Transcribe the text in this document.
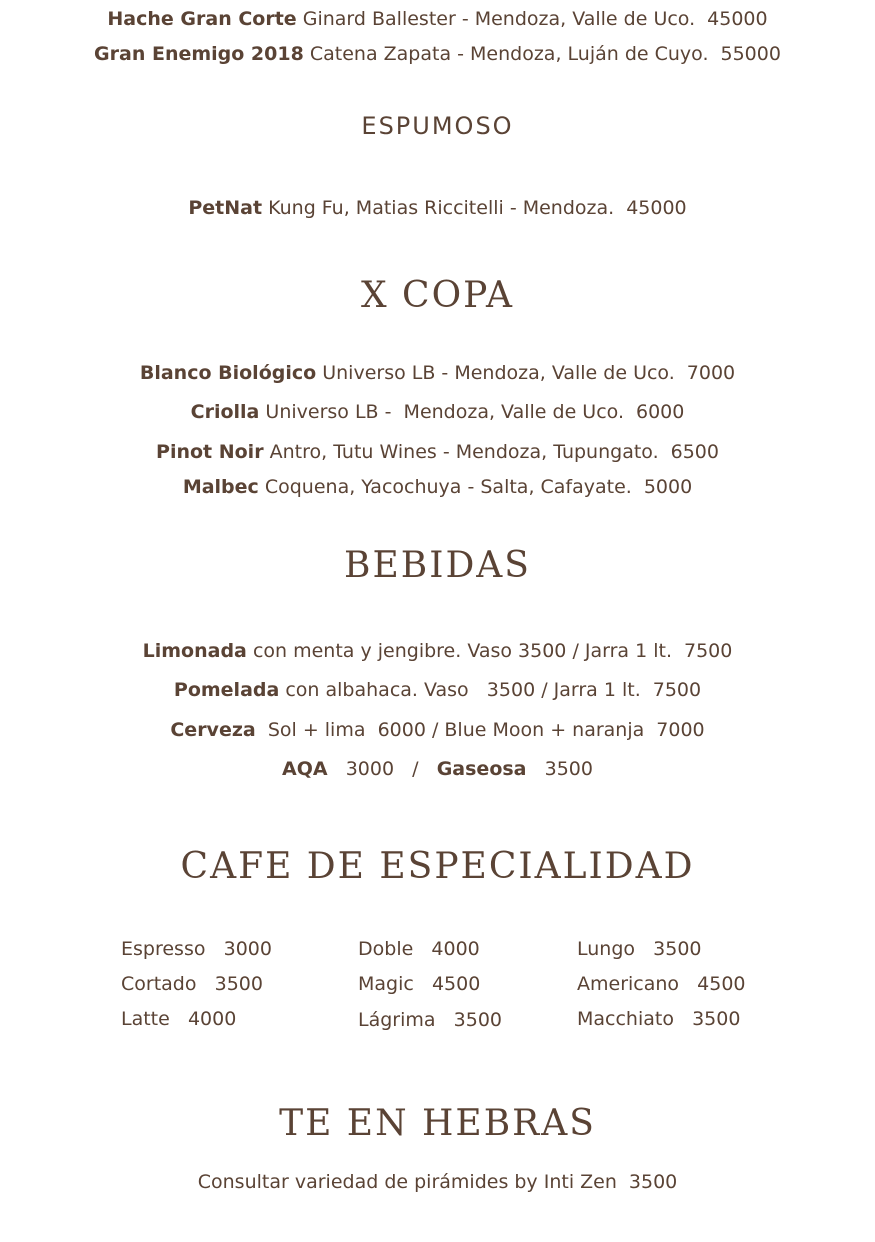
Hache Gran Corte Ginard Ballester - Mendoza, Valle de Uco. 45000
Gran Enemigo 2018 Catena Zapata - Mendoza, Luján de Cuyo. 55000
ESPUMOSO
PetNat Kung Fu, Matias Riccitelli - Mendoza. 45000
X COPA
Blanco Biológico Universo LB - Mendoza, Valle de Uco. 7000
Criolla Universo LB -  Mendoza, Valle de Uco. 6000
Pinot Noir Antro, Tutu Wines - Mendoza, Tupungato. 6500
Malbec Coquena, Yacochuya - Salta, Cafayate. 5000
BEBIDAS
Limonada con menta y jengibre. Vaso 3500 / Jarra 1 lt. 7500
Pomelada con albahaca. Vaso   3500 / Jarra 1 lt. 7500
Cerveza Sol + lima  6000 / Blue Moon + naranja 7000
AQA 3000 / Gaseosa 3500
CAFE DE ESPECIALIDAD
Espresso 3000
Cortado 3500
Latte 4000
Doble 4000
Magic 4500
Lágrima 3500
Lungo 3500
Americano 4500
Macchiato 3500
TE EN HEBRAS
Consultar variedad de pirámides by Inti Zen 3500
